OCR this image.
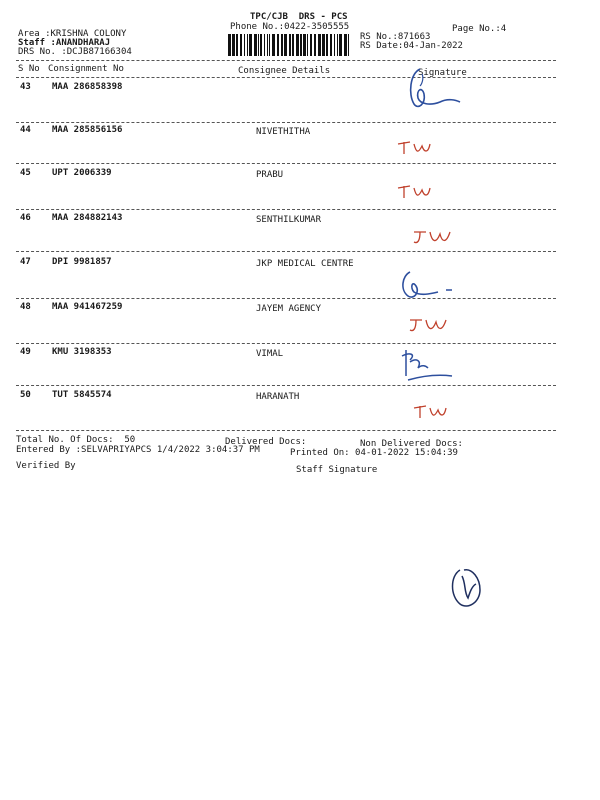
TPC/CJB  DRS - PCS
Phone No.:0422-3505555	Page No.:4
Area :KRISHNA COLONY
Staff :ANANDHARAJ
DRS No. :DCJB87166304
RS No.:871663
RS Date:04-Jan-2022
S No Consignment No	Consignee Details	Signature
43 MAA 286858398
44 MAA 285856156	NIVETHITHA
45 UPT 2006339	PRABU
46 MAA 284882143	SENTHILKUMAR
47 DPI 9981857	JKP MEDICAL CENTRE
48 MAA 941467259	JAYEM AGENCY
49 KMU 3198353	VIMAL
50 TUT 5845574	HARANATH
Total No. Of Docs:  50	Delivered Docs:	Non Delivered Docs:
Entered By :SELVAPRIYAPCS 1/4/2022 3:04:37 PM	Printed On: 04-01-2022 15:04:39
Verified By	Staff Signature
